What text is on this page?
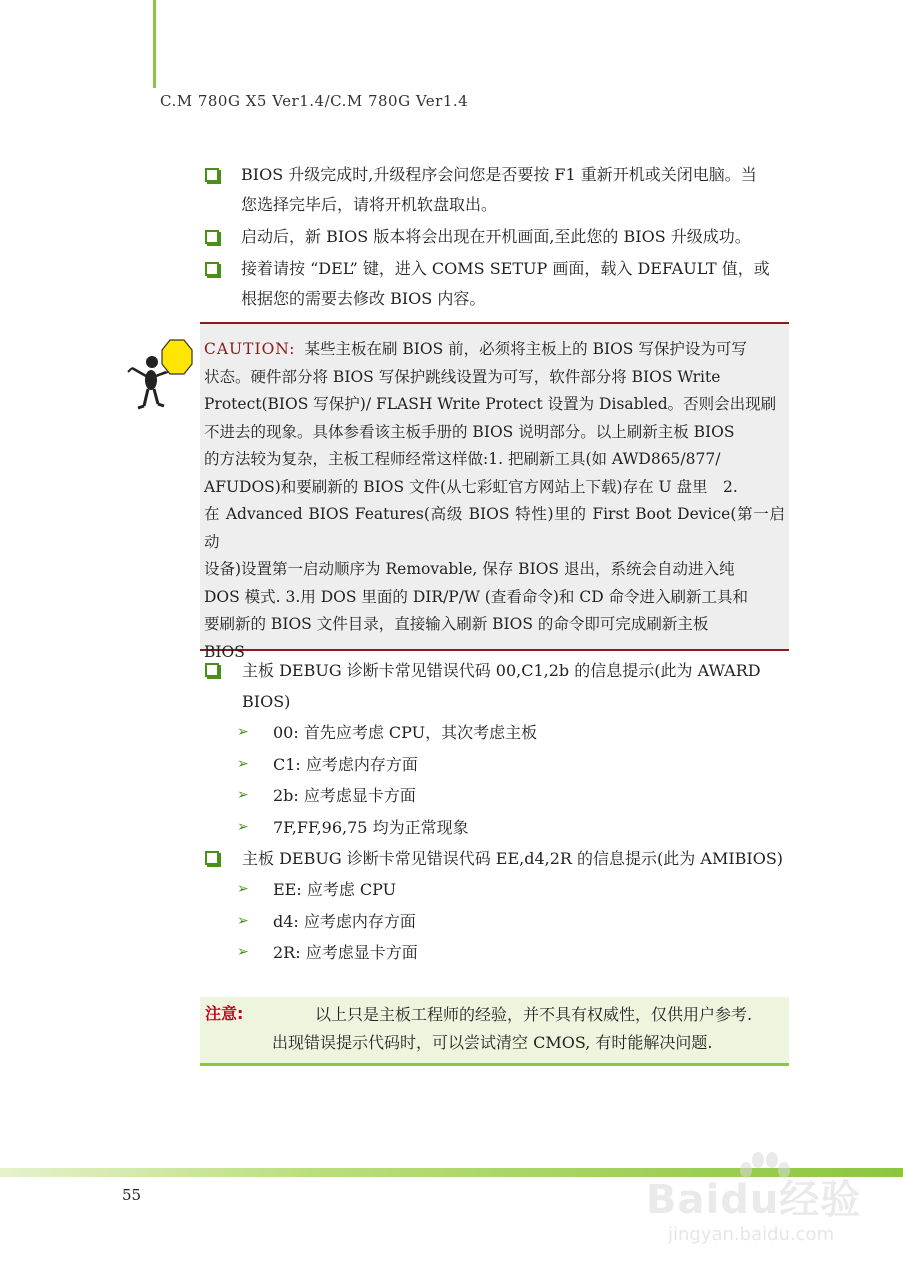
C.M 780G X5 Ver1.4/C.M 780G Ver1.4
BIOS 升级完成时,升级程序会问您是否要按 F1 重新开机或关闭电脑。当
您选择完毕后，请将开机软盘取出。
启动后，新 BIOS 版本将会出现在开机画面,至此您的 BIOS 升级成功。
接着请按 “DEL” 键，进入 COMS SETUP 画面，载入 DEFAULT 值，或
根据您的需要去修改 BIOS 内容。
CAUTION: 某些主板在刷 BIOS 前，必须将主板上的 BIOS 写保护设为可写
状态。硬件部分将 BIOS 写保护跳线设置为可写，软件部分将 BIOS Write
Protect(BIOS 写保护)/ FLASH Write Protect 设置为 Disabled。否则会出现刷
不进去的现象。具体参看该主板手册的 BIOS 说明部分。以上刷新主板 BIOS
的方法较为复杂，主板工程师经常这样做:1. 把刷新工具(如 AWD865/877/
AFUDOS)和要刷新的 BIOS 文件(从七彩虹官方网站上下载)存在 U 盘里　2.
在 Advanced BIOS Features(高级 BIOS 特性)里的 First Boot Device(第一启动
设备)设置第一启动顺序为 Removable, 保存 BIOS 退出，系统会自动进入纯
DOS 模式. 3.用 DOS 里面的 DIR/P/W (查看命令)和 CD 命令进入刷新工具和
要刷新的 BIOS 文件目录，直接输入刷新 BIOS 的命令即可完成刷新主板
BIOS
主板 DEBUG 诊断卡常见错误代码 00,C1,2b 的信息提示(此为 AWARD
BIOS)
➢ 00: 首先应考虑 CPU，其次考虑主板
➢ C1: 应考虑内存方面
➢ 2b: 应考虑显卡方面
➢ 7F,FF,96,75 均为正常现象
主板 DEBUG 诊断卡常见错误代码 EE,d4,2R 的信息提示(此为 AMIBIOS)
➢ EE: 应考虑 CPU
➢ d4: 应考虑内存方面
➢ 2R: 应考虑显卡方面
注意:	以上只是主板工程师的经验，并不具有权威性，仅供用户参考.
出现错误提示代码时，可以尝试清空 CMOS, 有时能解决问题.
55	Baidu经验
jingyan.baidu.com
